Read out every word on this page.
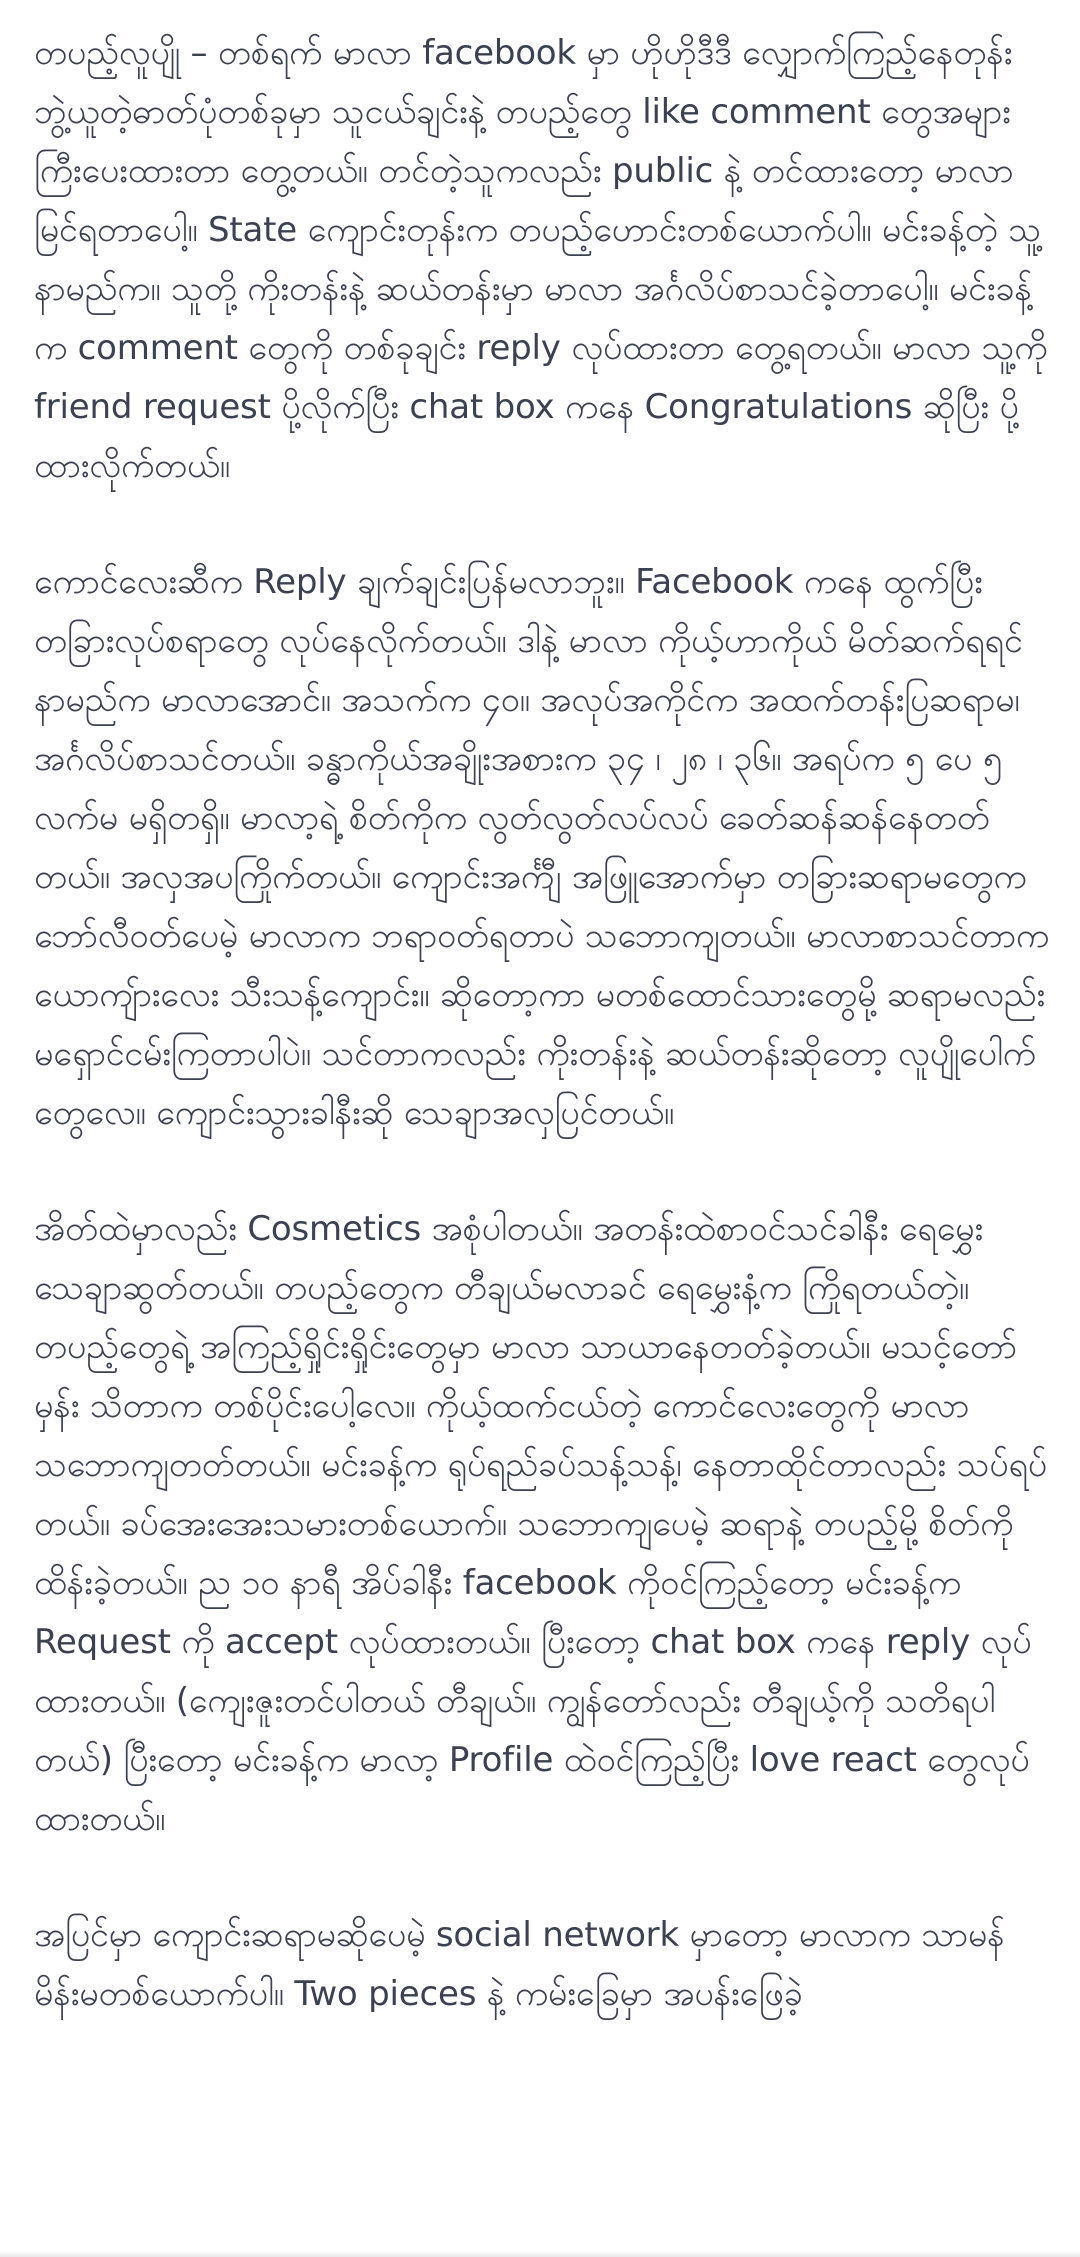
တပည့်လူပျို – တစ်ရက် မာလာ facebook မှာ ဟိုဟိုဒီဒီ လျှောက်ကြည့်နေတုန်း ဘွဲ့ယူတဲ့ဓာတ်ပုံတစ်ခုမှာ သူငယ်ချင်းနဲ့ တပည့်တွေ like comment တွေအများကြီးပေးထားတာ တွေ့တယ်။ တင်တဲ့သူကလည်း public နဲ့ တင်ထားတော့ မာလာ မြင်ရတာပေါ့။ State ကျောင်းတုန်းက တပည့်ဟောင်းတစ်ယောက်ပါ။ မင်းခန့်တဲ့ သူ့နာမည်က။ သူတို့ ကိုးတန်းနဲ့ ဆယ်တန်းမှာ မာလာ အင်္ဂလိပ်စာသင်ခဲ့တာပေါ့။ မင်းခန့်က comment တွေကို တစ်ခုချင်း reply လုပ်ထားတာ တွေ့ရတယ်။ မာလာ သူ့ကို friend request ပို့လိုက်ပြီး chat box ကနေ Congratulations ဆိုပြီး ပို့ထားလိုက်တယ်။

ကောင်လေးဆီက Reply ချက်ချင်းပြန်မလာဘူး။ Facebook ကနေ ထွက်ပြီး တခြားလုပ်စရာတွေ လုပ်နေလိုက်တယ်။ ဒါနဲ့ မာလာ ကိုယ့်ဟာကိုယ် မိတ်ဆက်ရရင် နာမည်က မာလာအောင်။ အသက်က ၄၀။ အလုပ်အကိုင်က အထက်တန်းပြဆရာမ၊ အင်္ဂလိပ်စာသင်တယ်။ ခန္ဓာကိုယ်အချိုးအစားက ၃၄ ၊ ၂၈ ၊ ၃၆။ အရပ်က ၅ ပေ ၅ လက်မ မရှိတရှိ။ မာလာ့ရဲ့ စိတ်ကိုက လွတ်လွတ်လပ်လပ် ခေတ်ဆန်ဆန်နေတတ်တယ်။ အလှအပကြိုက်တယ်။ ကျောင်းအင်္ကျီ အဖြူအောက်မှာ တခြားဆရာမတွေက ဘော်လီဝတ်ပေမဲ့ မာလာက ဘရာဝတ်ရတာပဲ သဘောကျတယ်။ မာလာစာသင်တာက ယောကျ်ားလေး သီးသန့်ကျောင်း။ ဆိုတော့ကာ မတစ်ထောင်သားတွေမို့ ဆရာမလည်း မရှောင်ငမ်းကြတာပါပဲ။ သင်တာကလည်း ကိုးတန်းနဲ့ ဆယ်တန်းဆိုတော့ လူပျိုပေါက်တွေလေ။ ကျောင်းသွားခါနီးဆို သေချာအလှပြင်တယ်။

အိတ်ထဲမှာလည်း Cosmetics အစုံပါတယ်။ အတန်းထဲစာဝင်သင်ခါနီး ရေမွှေးသေချာဆွတ်တယ်။ တပည့်တွေက တီချယ်မလာခင် ရေမွှေးနံ့က ကြိုရတယ်တဲ့။ တပည့်တွေရဲ့ အကြည့်ရှိုင်းရှိုင်းတွေမှာ မာလာ သာယာနေတတ်ခဲ့တယ်။ မသင့်တော်မှန်း သိတာက တစ်ပိုင်းပေါ့လေ။ ကိုယ့်ထက်ငယ်တဲ့ ကောင်လေးတွေကို မာလာ သဘောကျတတ်တယ်။ မင်းခန့်က ရုပ်ရည်ခပ်သန့်သန့်၊ နေတာထိုင်တာလည်း သပ်ရပ်တယ်။ ခပ်အေးအေးသမားတစ်ယောက်။ သဘောကျပေမဲ့ ဆရာနဲ့ တပည့်မို့ စိတ်ကိုထိန်းခဲ့တယ်။ ည ၁၀ နာရီ အိပ်ခါနီး facebook ကိုဝင်ကြည့်တော့ မင်းခန့်က Request ကို accept လုပ်ထားတယ်။ ပြီးတော့ chat box ကနေ reply လုပ်ထားတယ်။ (ကျေးဇူးတင်ပါတယ် တီချယ်။ ကျွန်တော်လည်း တီချယ့်ကို သတိရပါတယ်) ပြီးတော့ မင်းခန့်က မာလာ့ Profile ထဲဝင်ကြည့်ပြီး love react တွေလုပ်ထားတယ်။

အပြင်မှာ ကျောင်းဆရာမဆိုပေမဲ့ social network မှာတော့ မာလာက သာမန်မိန်းမတစ်ယောက်ပါ။ Two pieces နဲ့ ကမ်းခြေမှာ အပန်းဖြေခဲ့
